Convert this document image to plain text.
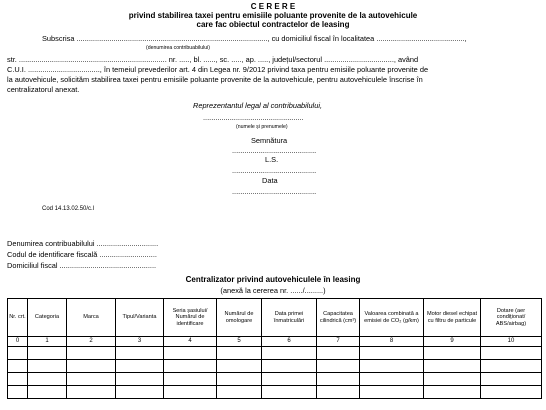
C E R E R E
privind stabilirea taxei pentru emisiile poluante provenite de la autovehicule
care fac obiectul contractelor de leasing
Subscrisa ............................................................................................., cu domiciliul fiscal în localitatea ...........................................,
(denumirea contribuabilului)
str. ........................................................................ nr. ....., bl. ......, sc. ....., ap. ....., județul/sectorul .................................., având
C.U.I. ..................................., în temeiul prevederilor art. 4 din Legea nr. 9/2012 privind taxa pentru emisiile poluante provenite de
la autovehicule, solicităm stabilirea taxei pentru emisiile poluante provenite de la autovehicule, pentru autovehiculele înscrise în
centralizatorul anexat.
Reprezentantul legal al contribuabilului,
.................................................
(numele și prenumele)
Semnătura
.........................................
L.S.
.........................................
Data
.........................................
Cod 14.13.02.50/c.l
Denumirea contribuabilului ..............................
Codul de identificare fiscală ............................
Domiciliul fiscal ...............................................
Centralizator privind autovehiculele în leasing
(anexă la cererea nr. ....../.........)
Nr. crt.	Categoria	Marca	Tipul/Varianta	Seria șasiului/ Numărul de identificare	Numărul de omologare	Data primei înmatriculări	Capacitatea cilindrică (cm³)	Valoarea combinată a emisiei de CO₂ (g/km)	Motor diesel echipat cu filtru de particule	Dotare (aer condiționat/ ABS/airbag)
0	1	2	3	4	5	6	7	8	9	10
